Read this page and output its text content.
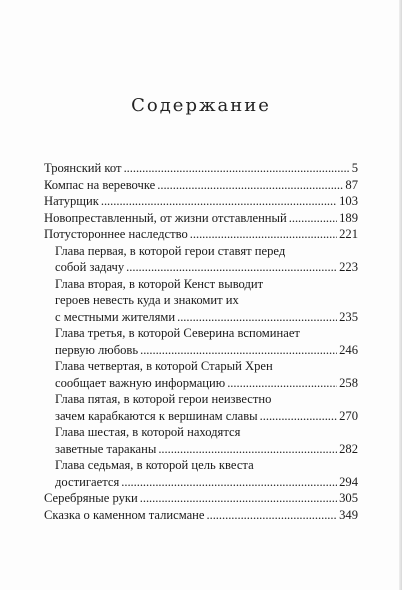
Содержание
Троянский кот . . .	5
Компас на веревочке . . .	87
Натурщик . . .	103
Новопреставленный, от жизни отставленный . . .	189
Потустороннее наследство . . .	221
Глава первая, в которой герои ставят перед
собой задачу . . .	223
Глава вторая, в которой Кенст выводит
героев невесть куда и знакомит их
с местными жителями . . .	235
Глава третья, в которой Северина вспоминает
первую любовь . . .	246
Глава четвертая, в которой Старый Хрен
сообщает важную информацию . . .	258
Глава пятая, в которой герои неизвестно
зачем карабкаются к вершинам славы . . .	270
Глава шестая, в которой находятся
заветные тараканы . . .	282
Глава седьмая, в которой цель квеста
достигается . . .	294
Серебряные руки . . .	305
Сказка о каменном талисмане . . .	349
